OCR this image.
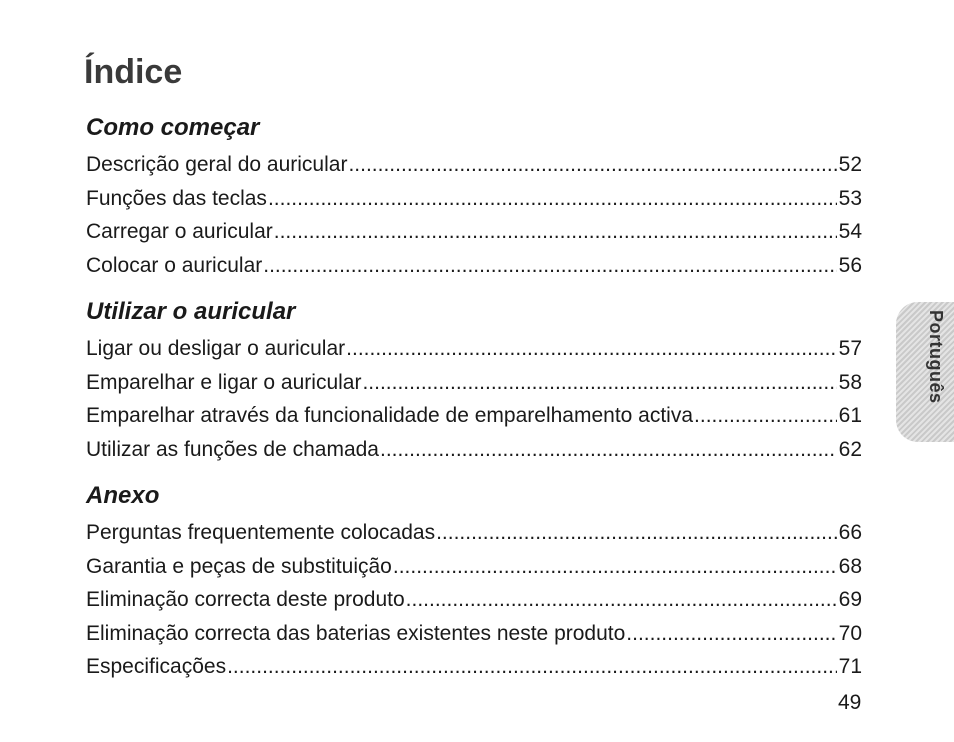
Índice
Como começar
Descrição geral do auricular .....	52
Funções das teclas .....	53
Carregar o auricular .....	54
Colocar o auricular .....	56
Utilizar o auricular
Ligar ou desligar o auricular .....	57
Emparelhar e ligar o auricular .....	58
Emparelhar através da funcionalidade de emparelhamento activa .....	61
Utilizar as funções de chamada .....	62
Anexo
Perguntas frequentemente colocadas .....	66
Garantia e peças de substituição .....	68
Eliminação correcta deste produto .....	69
Eliminação correcta das baterias existentes neste produto .....	70
Especificações .....	71
49
Português
